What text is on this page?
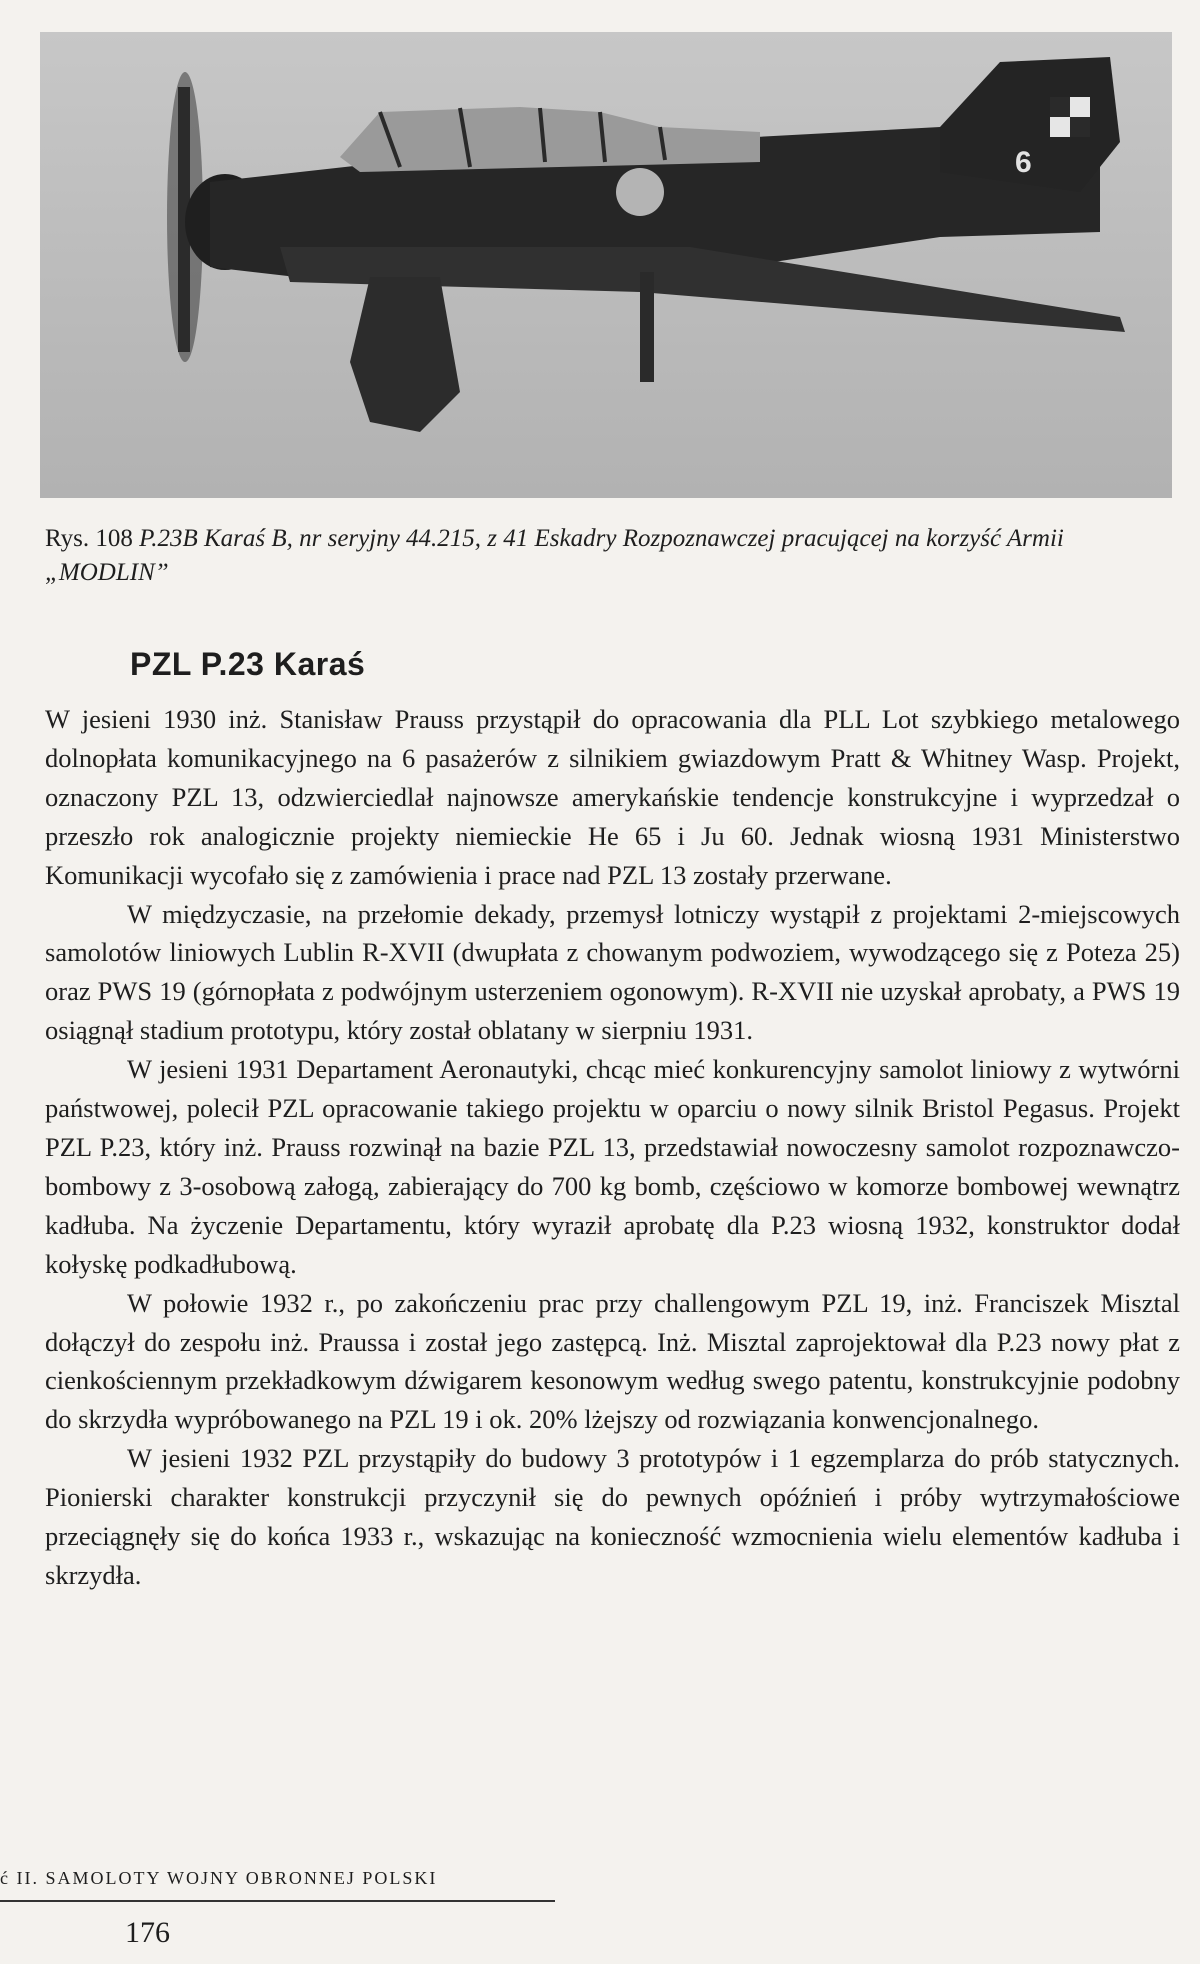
6
Rys. 108 P.23B Karaś B, nr seryjny 44.215, z 41 Eskadry Rozpoznawczej pracującej na korzyść Armii „MODLIN”
PZL P.23 Karaś

W jesieni 1930 inż. Stanisław Prauss przystąpił do opracowania dla PLL Lot szybkiego metalowego dolnopłata komunikacyjnego na 6 pasażerów z silnikiem gwiazdowym Pratt & Whitney Wasp. Projekt, oznaczony PZL 13, odzwierciedlał najnowsze amerykańskie tendencje konstrukcyjne i wyprzedzał o przeszło rok analogicznie projekty niemieckie He 65 i Ju 60. Jednak wiosną 1931 Ministerstwo Komunikacji wycofało się z zamówienia i prace nad PZL 13 zostały przerwane.

W międzyczasie, na przełomie dekady, przemysł lotniczy wystąpił z projektami 2-miejscowych samolotów liniowych Lublin R-XVII (dwupłata z chowanym podwoziem, wywodzącego się z Poteza 25) oraz PWS 19 (górnopłata z podwójnym usterzeniem ogonowym). R-XVII nie uzyskał aprobaty, a PWS 19 osiągnął stadium prototypu, który został oblatany w sierpniu 1931.

W jesieni 1931 Departament Aeronautyki, chcąc mieć konkurencyjny samolot liniowy z wytwórni państwowej, polecił PZL opracowanie takiego projektu w oparciu o nowy silnik Bristol Pegasus. Projekt PZL P.23, który inż. Prauss rozwinął na bazie PZL 13, przedstawiał nowoczesny samolot rozpoznawczo-bombowy z 3-osobową załogą, zabierający do 700 kg bomb, częściowo w komorze bombowej wewnątrz kadłuba. Na życzenie Departamentu, który wyraził aprobatę dla P.23 wiosną 1932, konstruktor dodał kołyskę podkadłubową.

W połowie 1932 r., po zakończeniu prac przy challengowym PZL 19, inż. Franciszek Misztal dołączył do zespołu inż. Praussa i został jego zastępcą. Inż. Misztal zaprojektował dla P.23 nowy płat z cienkościennym przekładkowym dźwigarem kesonowym według swego patentu, konstrukcyjnie podobny do skrzydła wypróbowanego na PZL 19 i ok. 20% lżejszy od rozwiązania konwencjonalnego.

W jesieni 1932 PZL przystąpiły do budowy 3 prototypów i 1 egzemplarza do prób statycznych. Pionierski charakter konstrukcji przyczynił się do pewnych opóźnień i próby wytrzymałościowe przeciągnęły się do końca 1933 r., wskazując na konieczność wzmocnienia wielu elementów kadłuba i skrzydła.

ć II. SAMOLOTY WOJNY OBRONNEJ POLSKI
176
